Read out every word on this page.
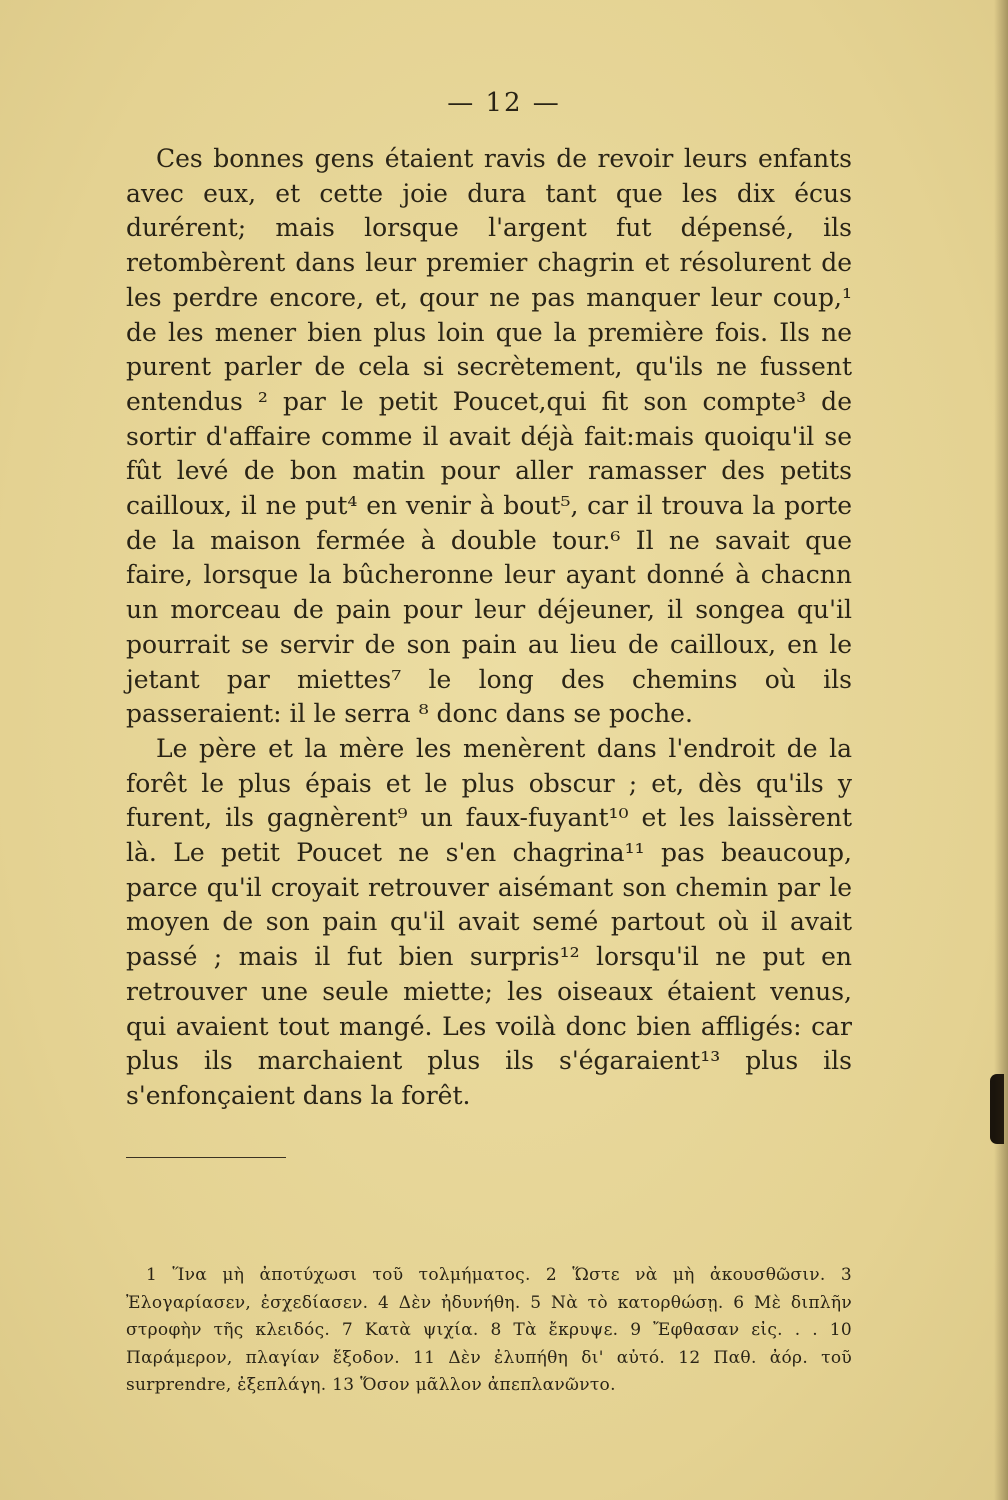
— 12 —

Ces bonnes gens étaient ravis de revoir leurs enfants avec eux, et cette joie dura tant que les dix écus durérent; mais lorsque l'argent fut dépensé, ils retombèrent dans leur premier chagrin et résolurent de les perdre encore, et, qour ne pas manquer leur coup,¹ de les mener bien plus loin que la première fois. Ils ne purent parler de cela si secrètement, qu'ils ne fussent entendus ² par le petit Poucet,qui fit son compte³ de sortir d'affaire comme il avait déjà fait:mais quoiqu'il se fût levé de bon matin pour aller ramasser des petits cailloux, il ne put⁴ en venir à bout⁵, car il trouva la porte de la maison fermée à double tour.⁶ Il ne savait que faire, lorsque la bûcheronne leur ayant donné à chacnn un morceau de pain pour leur déjeuner, il songea qu'il pourrait se servir de son pain au lieu de cailloux, en le jetant par miettes⁷ le long des chemins où ils passeraient: il le serra ⁸ donc dans se poche.

Le père et la mère les menèrent dans l'endroit de la forêt le plus épais et le plus obscur ; et, dès qu'ils y furent, ils gagnèrent⁹ un faux-fuyant¹⁰ et les laissèrent là. Le petit Poucet ne s'en chagrina¹¹ pas beaucoup, parce qu'il croyait retrouver aisémant son chemin par le moyen de son pain qu'il avait semé partout où il avait passé ; mais il fut bien surpris¹² lorsqu'il ne put en retrouver une seule miette; les oiseaux étaient venus, qui avaient tout mangé. Les voilà donc bien affligés: car plus ils marchaient plus ils s'égaraient¹³ plus ils s'enfonçaient dans la forêt.

1 Ἵνα μὴ ἀποτύχωσι τοῦ τολμήματος. 2 Ὥστε νὰ μὴ ἀκουσθῶσιν. 3 Ἐλογαρίασεν, ἐσχεδίασεν. 4 Δὲν ἠδυνήθη. 5 Νὰ τὸ κατορθώσῃ. 6 Μὲ διπλῆν στροφὴν τῆς κλειδός. 7 Κατὰ ψιχία. 8 Τὰ ἔκρυψε. 9 Ἔφθασαν εἰς. . . 10 Παράμερον, πλαγίαν ἔξοδον. 11 Δὲν ἐλυπήθη δι' αὐτό. 12 Παθ. ἀόρ. τοῦ surprendre, ἐξεπλάγη. 13 Ὅσον μᾶλλον ἀπεπλανῶντο.
